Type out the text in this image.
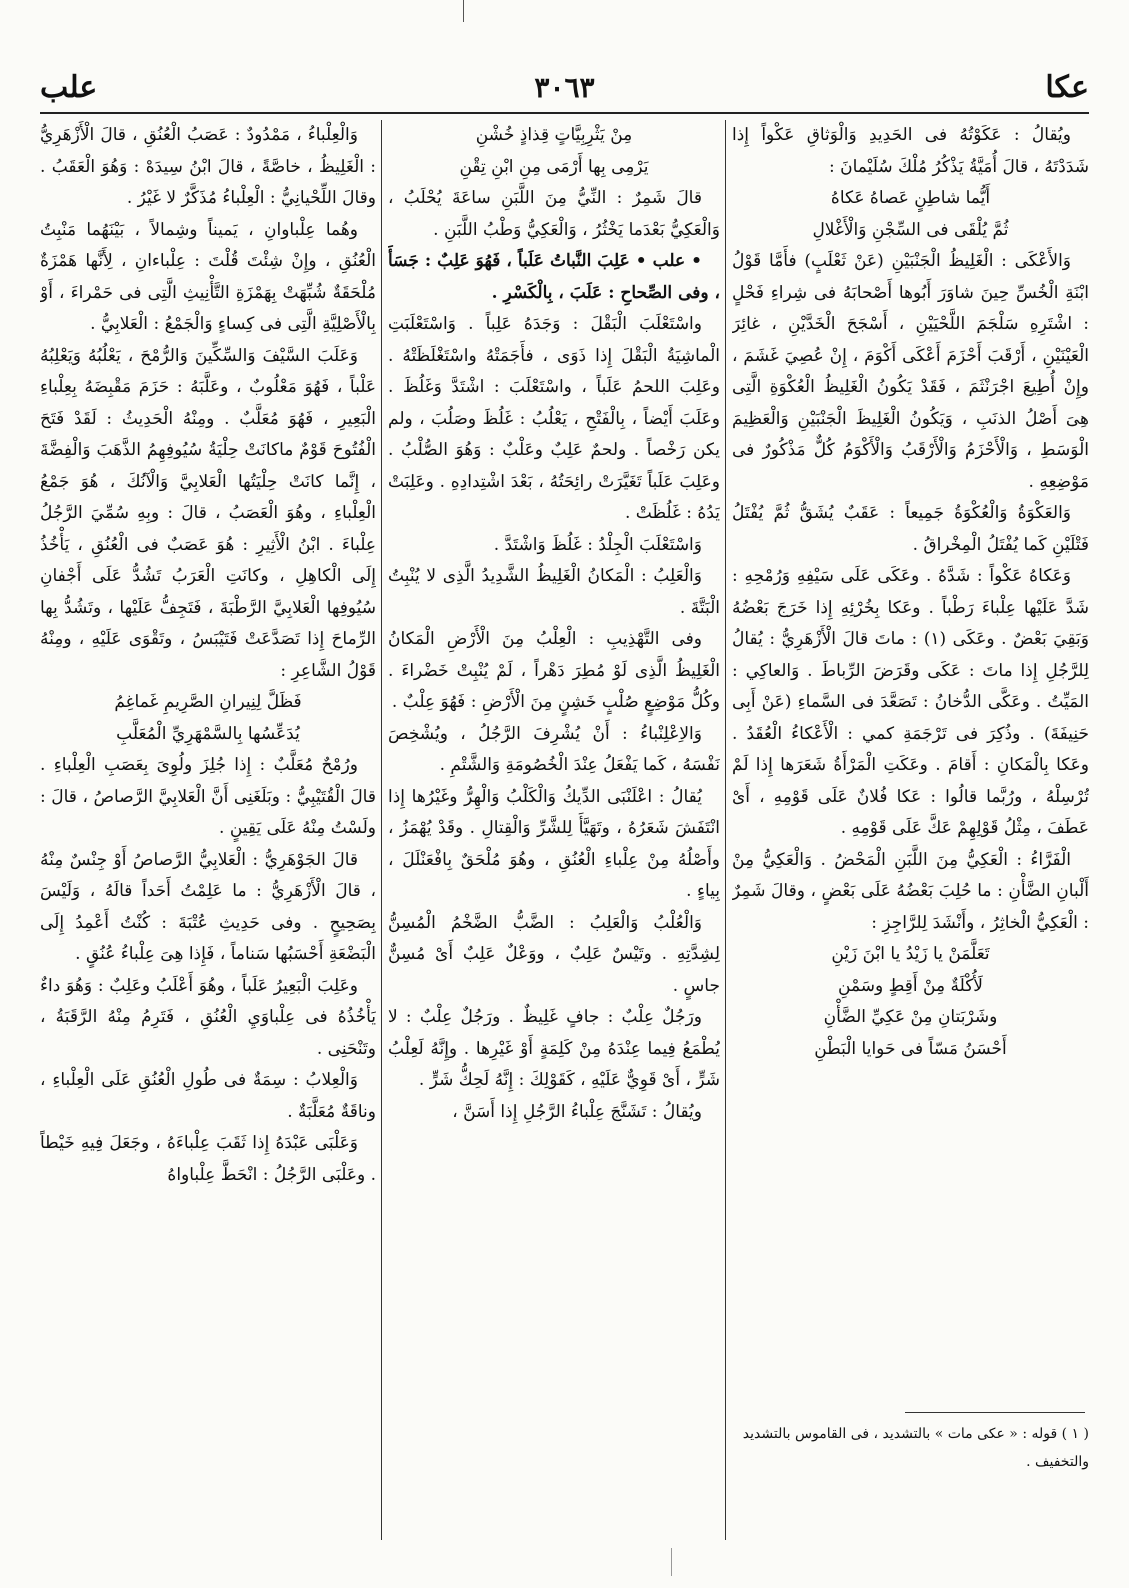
عكا
٣٠٦٣
علب

ويُقالُ : عَكَوْتُهُ فى الحَدِيدِ وَالْوَثاقِ عَكْواً إِذا شَدَدْتَهُ ، قالَ أُمَيَّةُ يَذْكُرُ مُلْكَ سُلَيْمانَ :

أَيُّما شاطِنٍ عَصاهُ عَكاهُ

ثُمَّ يُلْقَى فى السِّجْنِ وَالْأَغْلالِ

وَالأَعْكَى : الْغَلِيظُ الْجَنْبَيْنِ (عَنْ ثَعْلَبٍ) فأَمَّا قَوْلُ ابْنَةِ الْخُسِّ حِينَ شاوَرَ أَبُوها أَصْحابَهُ فى شِراءِ فَحْلٍ : اشْتَرِهِ سَلْجَمَ اللَّحْيَيْنِ ، أَسْجَحَ الْخَدَّيْنِ ، غائِرَ الْعَيْنَيْنِ ، أَرْقَبَ أَحْزَمَ أَعْكَى أَكْوَمَ ، إِنْ عُصِيَ غَشَمَ ، وإِنْ أُطِيعَ اجْرَنْثَمَ ، فَقَدْ يَكُونُ الْغَلِيظُ الْعُكْوَةِ الَّتِى هِىَ أَصْلُ الذنَبِ ، وَيَكُونُ الْغَلِيظَ الْجَنْبَيْنِ وَالْعَظِيمَ الْوَسَطِ ، وَالْأَحْزَمُ وَالْأَرْقَبُ وَالْأَكْوَمُ كُلٌّ مَذْكُورٌ فى مَوْضِعِهِ .

وَالعَكْوَةُ وَالْعُكْوَةُ جَمِيعاً : عَقَبٌ يُشَقُّ ثُمَّ يُفْتَلُ فَتْلَيْنِ كَما يُفْتَلُ الْمِخْراقُ .

وَعَكاهُ عَكْواً : شَدَّهُ . وعَكَى عَلَى سَيْفِهِ وَرُمْحِهِ : شَدَّ عَلَيْها عِلْباءَ رَطْباً . وعَكا بِخُرْئِهِ إِذا خَرَجَ بَعْضُهُ وَبَقِيَ بَعْضٌ . وعَكَى (١) : ماتَ قالَ الْأَزْهَرِيُّ : يُقالُ لِلرَّجُلِ إِذا ماتَ : عَكَى وقَرَضَ الرِّباطَ . وَالعاكِي : المَيِّتُ . وعَكَّى الدُّخانُ : تَصَعَّدَ فى السَّماءِ (عَنْ أَبِى حَنِيفَةَ) . وذُكِرَ فى تَرْجَمَةِ كمي : الْأَعْكاءُ الْعُقَدُ . وعَكا بِالْمَكانِ : أَقامَ . وعَكَتِ الْمَرْأَةُ شَعَرَها إِذا لَمْ تُرْسِلْهُ ، ورُبَّما قالُوا : عَكا فُلانٌ عَلَى قَوْمِهِ ، أَىْ عَطَفَ ، مِثْلُ قَوْلِهِمْ عَكَّ عَلَى قَوْمِهِ .

الْفَرَّاءُ : الْعَكِيُّ مِنَ اللَّبَنِ الْمَحْضُ . وَالْعَكِيُّ مِنْ أَلْبانِ الضَّأْنِ : ما حُلِبَ بَعْضُهُ عَلَى بَعْضٍ ، وقالَ شَمِرٌ : الْعَكِيُّ الْخاثِرُ ، وأَنْشَدَ لِلرَّاجِزِ :

تَعَلَّمَنْ يا زَيْدُ يا ابْنَ زَيْنِ

لَأُكْلَةٌ مِنْ أَقِطٍ وسَمْنِ

وشَرْبَتانِ مِنْ عَكِيِّ الضَّأْنِ

أَحْسَنُ مَسّاً فى حَوايا الْبَطْنِ

( ١ ) قوله : « عكى مات » بالتشديد ، فى القاموس بالتشديد والتخفيف .

مِنْ يَثْرِبِيَّاتٍ قِذاذٍ خُشْنِ

يَرْمِى بِها أَرْمَى مِنِ ابْنِ تِقْنِ

قالَ شَمِرٌ : النِّيُّ مِنَ اللَّبَنِ ساعَةَ يُحْلَبُ ، وَالْعَكِيُّ بَعْدَما يَخْثُرُ ، وَالْعَكِيُّ وَطْبُ اللَّبَنِ .

• علب • عَلِبَ النَّباتُ عَلَباً ، فَهُوَ عَلِبٌ : جَسَأَ ، وفى الصِّحاحِ : عَلَبَ ، بِالْكَسْرِ .

واسْتَعْلَبَ الْبَقْلَ : وَجَدَهُ عَلِباً . وَاسْتَعْلَبَتِ الْماشِيَةُ الْبَقْلَ إِذا ذَوَى ، فأَجَمَتْهُ واسْتَغْلَظَتْهُ . وعَلِبَ اللحمُ عَلَباً ، واسْتَعْلَبَ : اشْتَدَّ وَغَلُظَ . وعَلَبَ أَيْضاً ، بِالْفَتْحِ ، يَعْلُبُ : غَلُظَ وصَلُبَ ، ولم يكن رَخْصاً . ولحمٌ عَلِبٌ وعَلْبٌ : وَهُوَ الصُّلْبُ . وعَلِبَ عَلَباً تَغَيَّرَتْ رائِحَتُهُ ، بَعْدَ اشْتِدادِهِ . وعَلِبَتْ يَدُهُ : غَلُظَتْ .

وَاسْتَعْلَبَ الْجِلْدُ : غَلُظَ وَاشْتَدَّ .

وَالْعَلِبُ : الْمَكانُ الْغَلِيظُ الشَّدِيدُ الَّذِى لا يُنْبِتُ الْبَتَّةَ .

وفى التَّهْذِيبِ : الْعِلْبُ مِنَ الْأَرْضِ الْمَكانُ الْغَلِيظُ الَّذِى لَوْ مُطِرَ دَهْراً ، لَمْ يُنْبِتْ خَضْراءَ . وكُلُّ مَوْضِعٍ صُلْبٍ خَشِنٍ مِنَ الْأَرْضِ : فَهُوَ عِلْبٌ .

وَالاِعْلِنْباءُ : أَنْ يُشْرِفَ الرَّجُلُ ، ويُشْخِصَ نَفْسَهُ ، كَما يَفْعَلُ عِنْدَ الْخُصُومَةِ وَالشَّتْمِ .

يُقالُ : اعْلَنْبَى الدِّيكُ وَالْكَلْبُ وَالْهِرُّ وغَيْرُها إِذا انْتَفَشَ شَعَرُهُ ، وتَهَيَّأَ لِلشَّرِّ وَالْقِتالِ . وقَدْ يُهْمَزُ ، وأَصْلُهُ مِنْ عِلْباءِ الْعُنُقِ ، وهُوَ مُلْحَقٌ بِافْعَنْلَلَ ، بِياءٍ .

وَالْعُلْبُ وَالْعَلِبُ : الضَّبُّ الضَّخْمُ الْمُسِنُّ لِشِدَّتِهِ . وتَيْسٌ عَلِبٌ ، ووَعْلٌ عَلِبٌ أَىْ مُسِنٌّ جاسٍ .

ورَجُلٌ عِلْبٌ : جافٍ غَلِيظٌ . ورَجُلٌ عِلْبٌ : لا يُطْمَعُ فِيما عِنْدَهُ مِنْ كَلِمَةٍ أَوْ غَيْرِها . وإِنَّهُ لَعِلْبُ شَرٍّ ، أَىْ قَوِيٌّ عَلَيْهِ ، كَقَوْلِكَ : إِنَّهُ لَحِكُّ شَرٍّ .

ويُقالُ : تَشَنَّجَ عِلْباءُ الرَّجُلِ إِذا أَسَنَّ ،

وَالْعِلْباءُ ، مَمْدُودٌ : عَصَبُ الْعُنُقِ ، قالَ الْأَزْهَرِيُّ : الْغَلِيظُ ، خاصَّةً ، قالَ ابْنُ سِيدَهْ : وَهُوَ الْعَقَبُ . وقالَ اللِّحْيانِيُّ : الْعِلْباءُ مُذَكَّرٌ لا غَيْرُ .

وهُما عِلْباوانِ ، يَميناً وشِمالاً ، بَيْنَهُما مَنْبِتُ الْعُنُقِ ، وإِنْ شِئْتَ قُلْتَ : عِلْباءانِ ، لِأَنَّها هَمْزَةٌ مُلْحَقَةٌ شُبِّهَتْ بِهَمْزَةِ التَّأْنِيثِ الَّتِى فى حَمْراءَ ، أَوْ بِالْأَصْلِيَّةِ الَّتِى فى كِساءٍ وَالْجَمْعُ : الْعَلابِيُّ .

وَعَلَبَ السَّيْفَ وَالسِّكِّينَ وَالرُّمْحَ ، يَعْلُبُهُ وَيَعْلِبُهُ عَلْباً ، فَهُوَ مَعْلُوبٌ ، وعَلَّبَهُ : حَزَمَ مَقْبِضَهُ بِعِلْباءِ الْبَعِيرِ ، فَهُوَ مُعَلَّبٌ . ومِنْهُ الْحَدِيثُ : لَقَدْ فَتَحَ الْفُتُوحَ قَوْمٌ ماكانَتْ حِلْيَةُ سُيُوفِهِمُ الذَّهَبَ وَالْفِضَّةَ ، إِنَّما كانَتْ حِلْيَتُها الْعَلابِيَّ وَالْآنُكَ ، هُوَ جَمْعُ الْعِلْباءِ ، وهُوَ الْعَصَبُ ، قالَ : وبِهِ سُمِّيَ الرَّجُلُ عِلْباءَ . ابْنُ الْأَثِيرِ : هُوَ عَصَبٌ فى الْعُنُقِ ، يَأْخُذُ إِلَى الْكاهِلِ ، وكانَتِ الْعَرَبُ تَشُدُّ عَلَى أَجْفانِ سُيُوفِها الْعَلابِيَّ الرَّطْبَةَ ، فَتَجِفُّ عَلَيْها ، وتَشُدُّ بِها الرِّماحَ إِذا تَصَدَّعَتْ فَتَيْبَسُ ، وتَقْوَى عَلَيْهِ ، ومِنْهُ قَوْلُ الشَّاعِرِ :

فَظَلَّ لِنِيرانِ الصَّرِيمِ غَماغِمُ

يُدَعِّسُها بِالسَّمْهَرِيِّ الْمُعَلَّبِ

ورُمْحٌ مُعَلَّبٌ : إِذا جُلِزَ ولُوِىَ بِعَصَبِ الْعِلْباءِ . قالَ الْقُتَيْبِيُّ : وبَلَغَنِى أَنَّ الْعَلابِيَّ الرَّصاصُ ، قالَ : ولَسْتُ مِنْهُ عَلَى يَقِينٍ .

قالَ الجَوْهَرِيُّ : الْعَلابِيُّ الرَّصاصُ أَوْ جِنْسٌ مِنْهُ ، قالَ الْأَزْهَرِيُّ : ما عَلِمْتُ أَحَداً قالَهُ ، وَلَيْسَ بِصَحِيحٍ . وفى حَدِيثِ عُتْبَةَ : كُنْتُ أَعْمِدُ إِلَى الْبَضْعَةِ أَحْسَبُها سَناماً ، فَإِذا هِىَ عِلْباءُ عُنُقٍ .

وعَلِبَ الْبَعِيرُ عَلَباً ، وهُوَ أَعْلَبُ وعَلِبٌ : وَهُوَ داءٌ يَأْخُذُهُ فى عِلْباوَيِ الْعُنُقِ ، فَتَرِمُ مِنْهُ الرَّقَبَةُ ، وتَنْحَنِى .

وَالْعِلابُ : سِمَةٌ فى طُولِ الْعُنُقِ عَلَى الْعِلْباءِ ، وناقَةٌ مُعَلَّبَةٌ .

وَعَلْبَى عَبْدَهُ إِذا ثَقَبَ عِلْباءَهُ ، وجَعَلَ فِيهِ خَيْطاً . وعَلْبَى الرَّجُلُ : انْحَطَّ عِلْباواهُ
